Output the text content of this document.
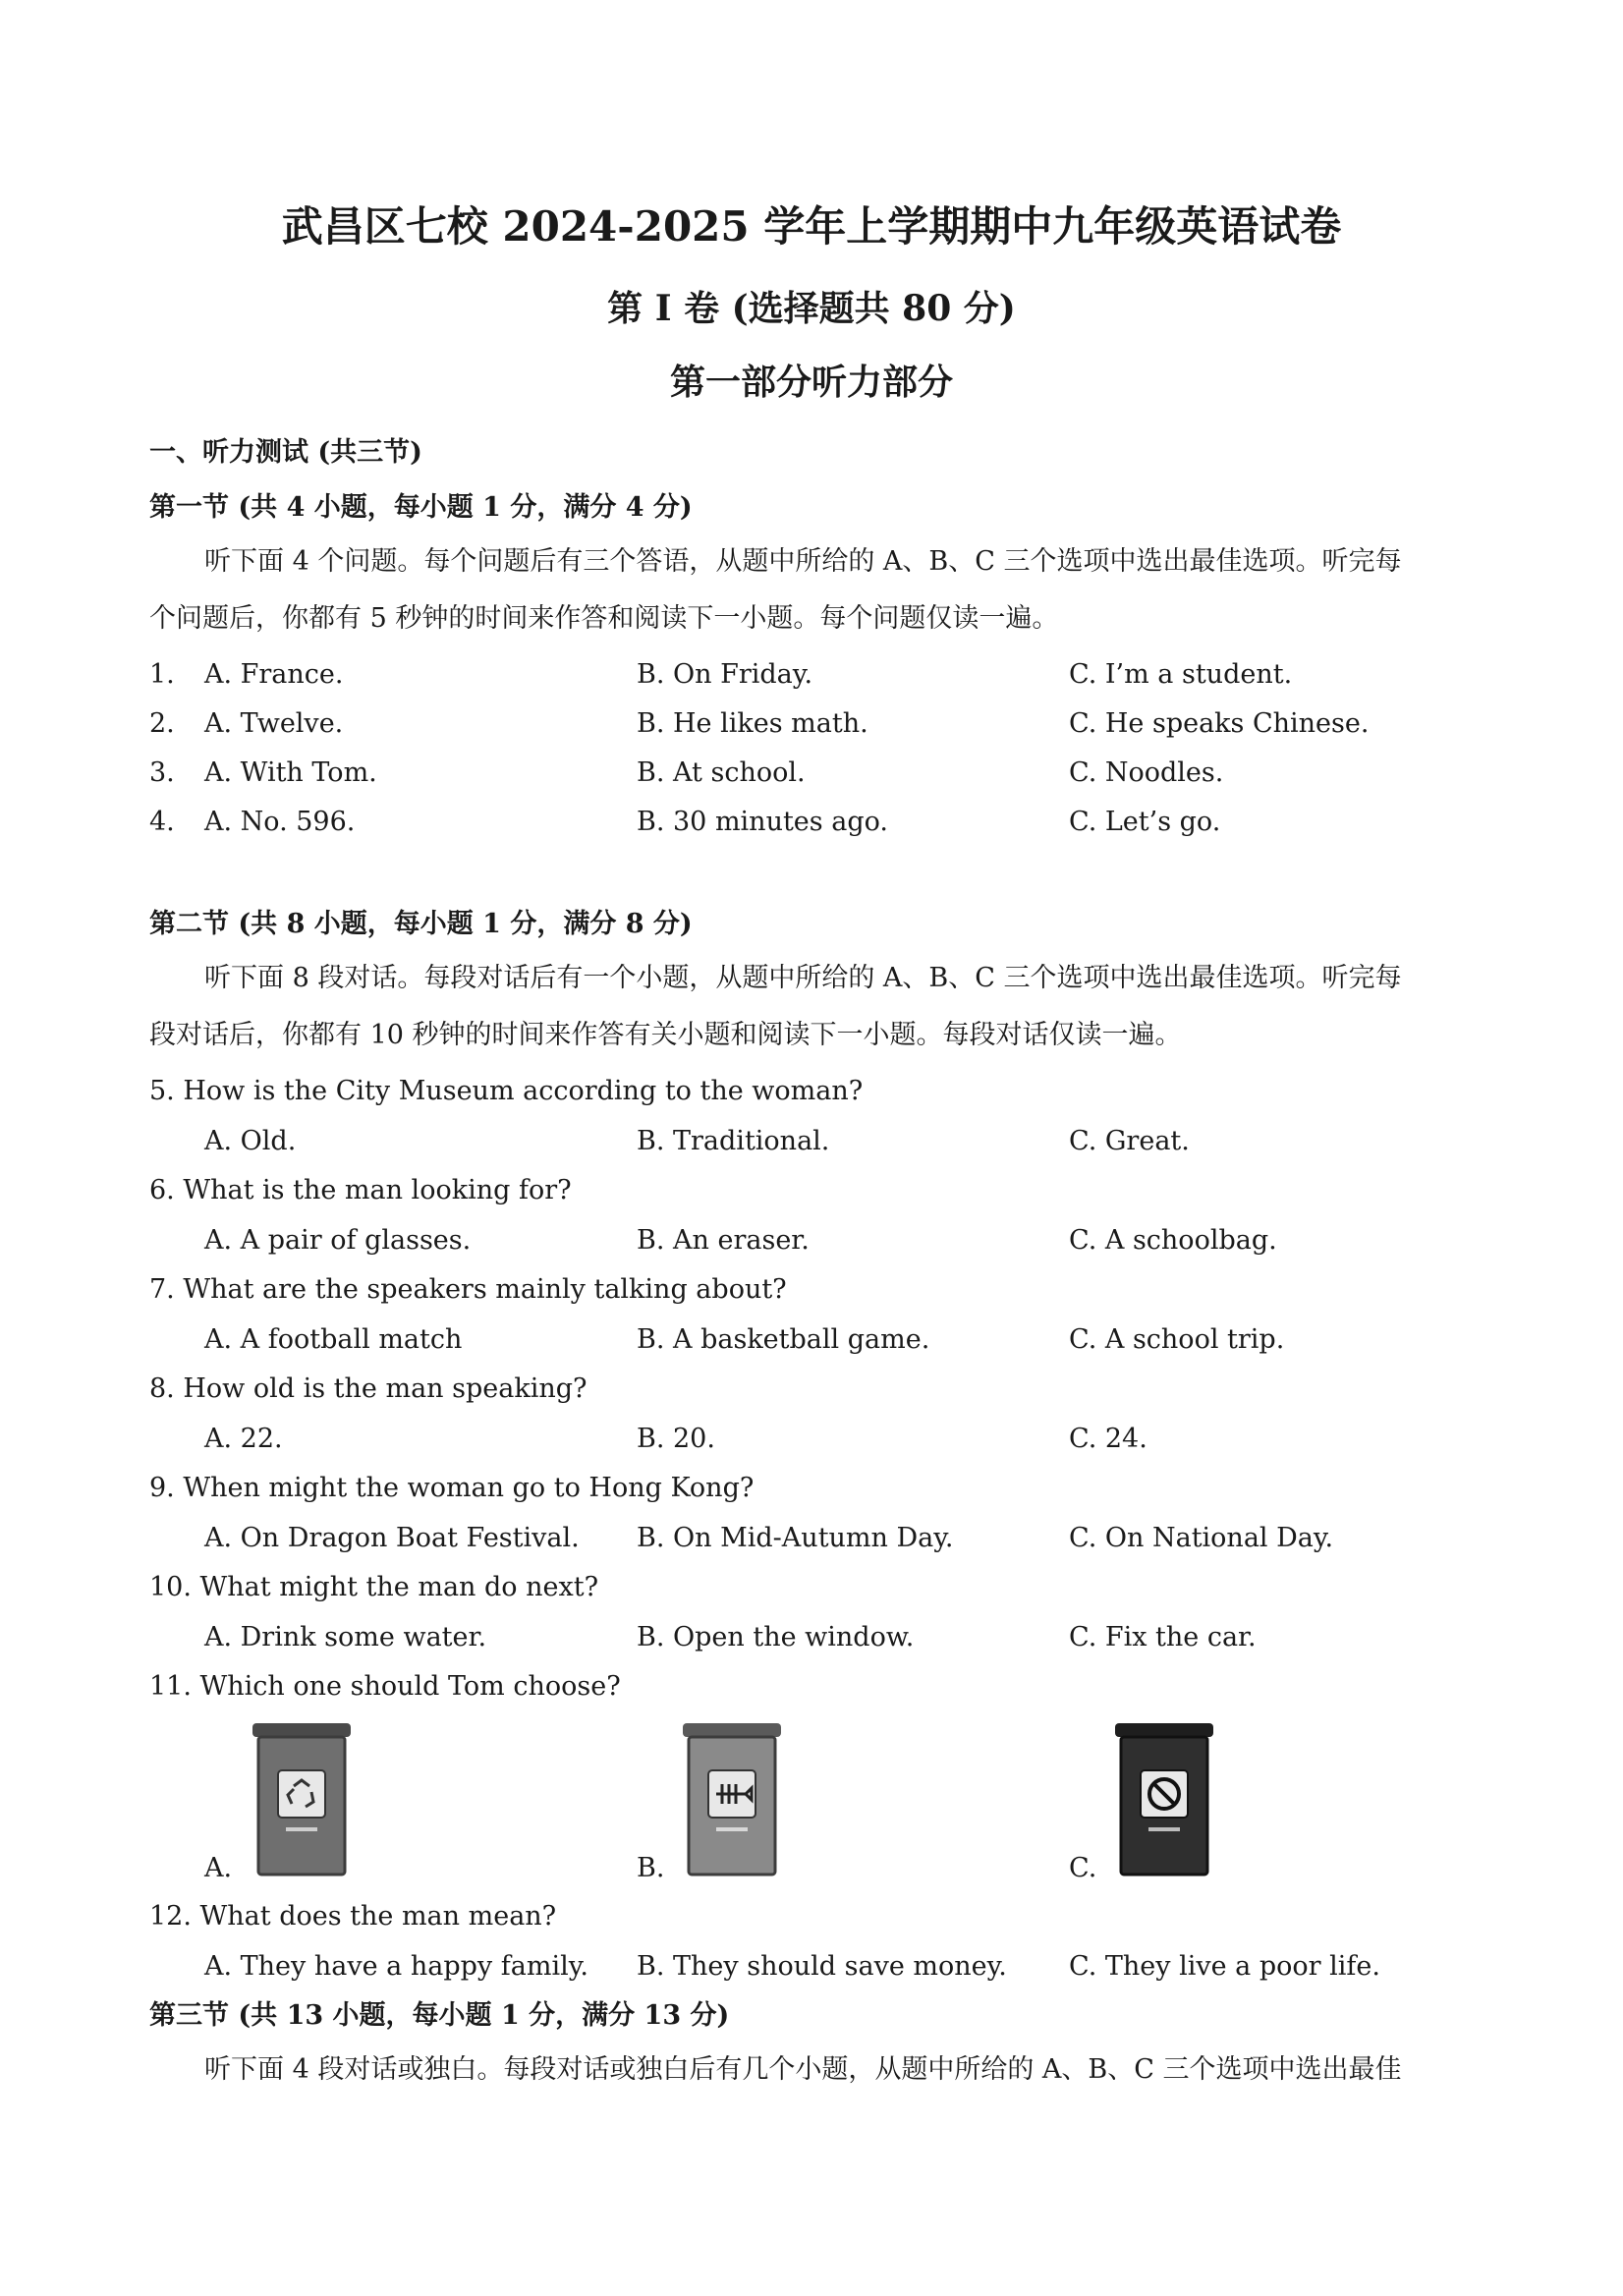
武昌区七校 2024-2025 学年上学期期中九年级英语试卷
第 I 卷 (选择题共 80 分)
第一部分听力部分
一、听力测试 (共三节)
第一节 (共 4 小题，每小题 1 分，满分 4 分)
听下面 4 个问题。每个问题后有三个答语，从题中所给的 A、B、C 三个选项中选出最佳选项。听完每
个问题后，你都有 5 秒钟的时间来作答和阅读下一小题。每个问题仅读一遍。
1. A. France.	B. On Friday.	C. I’m a student.
2. A. Twelve.	B. He likes math.	C. He speaks Chinese.
3. A. With Tom.	B. At school.	C. Noodles.
4. A. No. 596.	B. 30 minutes ago.	C. Let’s go.
第二节 (共 8 小题，每小题 1 分，满分 8 分)
听下面 8 段对话。每段对话后有一个小题，从题中所给的 A、B、C 三个选项中选出最佳选项。听完每
段对话后，你都有 10 秒钟的时间来作答有关小题和阅读下一小题。每段对话仅读一遍。
5. How is the City Museum according to the woman?
A. Old.	B. Traditional.	C. Great.
6. What is the man looking for?
A. A pair of glasses.	B. An eraser.	C. A schoolbag.
7. What are the speakers mainly talking about?
A. A football match	B. A basketball game.	C. A school trip.
8. How old is the man speaking?
A. 22.	B. 20.	C. 24.
9. When might the woman go to Hong Kong?
A. On Dragon Boat Festival. B. On Mid-Autumn Day.	C. On National Day.
10. What might the man do next?
A. Drink some water.	B. Open the window.	C. Fix the car.
11. Which one should Tom choose?
A.	B.	C.
12. What does the man mean?
A. They have a happy family. B. They should save money. C. They live a poor life.
第三节 (共 13 小题，每小题 1 分，满分 13 分)
听下面 4 段对话或独白。每段对话或独白后有几个小题，从题中所给的 A、B、C 三个选项中选出最佳
